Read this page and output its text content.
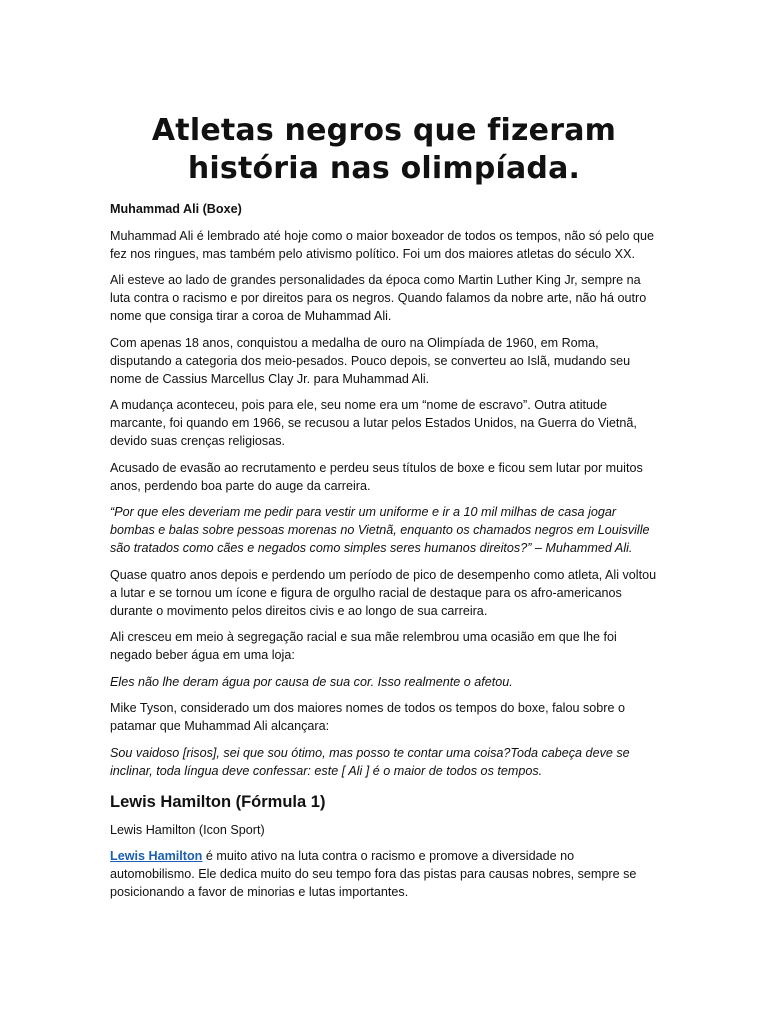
Atletas negros que fizeram história nas olimpíada.

Muhammad Ali (Boxe)

Muhammad Ali é lembrado até hoje como o maior boxeador de todos os tempos, não só pelo que fez nos ringues, mas também pelo ativismo político. Foi um dos maiores atletas do século XX.

Ali esteve ao lado de grandes personalidades da época como Martin Luther King Jr, sempre na luta contra o racismo e por direitos para os negros. Quando falamos da nobre arte, não há outro nome que consiga tirar a coroa de Muhammad Ali.

Com apenas 18 anos, conquistou a medalha de ouro na Olimpíada de 1960, em Roma, disputando a categoria dos meio-pesados. Pouco depois, se converteu ao Islã, mudando seu nome de Cassius Marcellus Clay Jr. para Muhammad Ali.

A mudança aconteceu, pois para ele, seu nome era um “nome de escravo”. Outra atitude marcante, foi quando em 1966, se recusou a lutar pelos Estados Unidos, na Guerra do Vietnã, devido suas crenças religiosas.

Acusado de evasão ao recrutamento e perdeu seus títulos de boxe e ficou sem lutar por muitos anos, perdendo boa parte do auge da carreira.

“Por que eles deveriam me pedir para vestir um uniforme e ir a 10 mil milhas de casa jogar bombas e balas sobre pessoas morenas no Vietnã, enquanto os chamados negros em Louisville são tratados como cães e negados como simples seres humanos direitos?” – Muhammed Ali.

Quase quatro anos depois e perdendo um período de pico de desempenho como atleta, Ali voltou a lutar e se tornou um ícone e figura de orgulho racial de destaque para os afro-americanos durante o movimento pelos direitos civis e ao longo de sua carreira.

Ali cresceu em meio à segregação racial e sua mãe relembrou uma ocasião em que lhe foi negado beber água em uma loja:

Eles não lhe deram água por causa de sua cor. Isso realmente o afetou.

Mike Tyson, considerado um dos maiores nomes de todos os tempos do boxe, falou sobre o patamar que Muhammad Ali alcançara:

Sou vaidoso [risos], sei que sou ótimo, mas posso te contar uma coisa?Toda cabeça deve se inclinar, toda língua deve confessar: este [ Ali ] é o maior de todos os tempos.

Lewis Hamilton (Fórmula 1)

Lewis Hamilton (Icon Sport)

Lewis Hamilton é muito ativo na luta contra o racismo e promove a diversidade no automobilismo. Ele dedica muito do seu tempo fora das pistas para causas nobres, sempre se posicionando a favor de minorias e lutas importantes.
